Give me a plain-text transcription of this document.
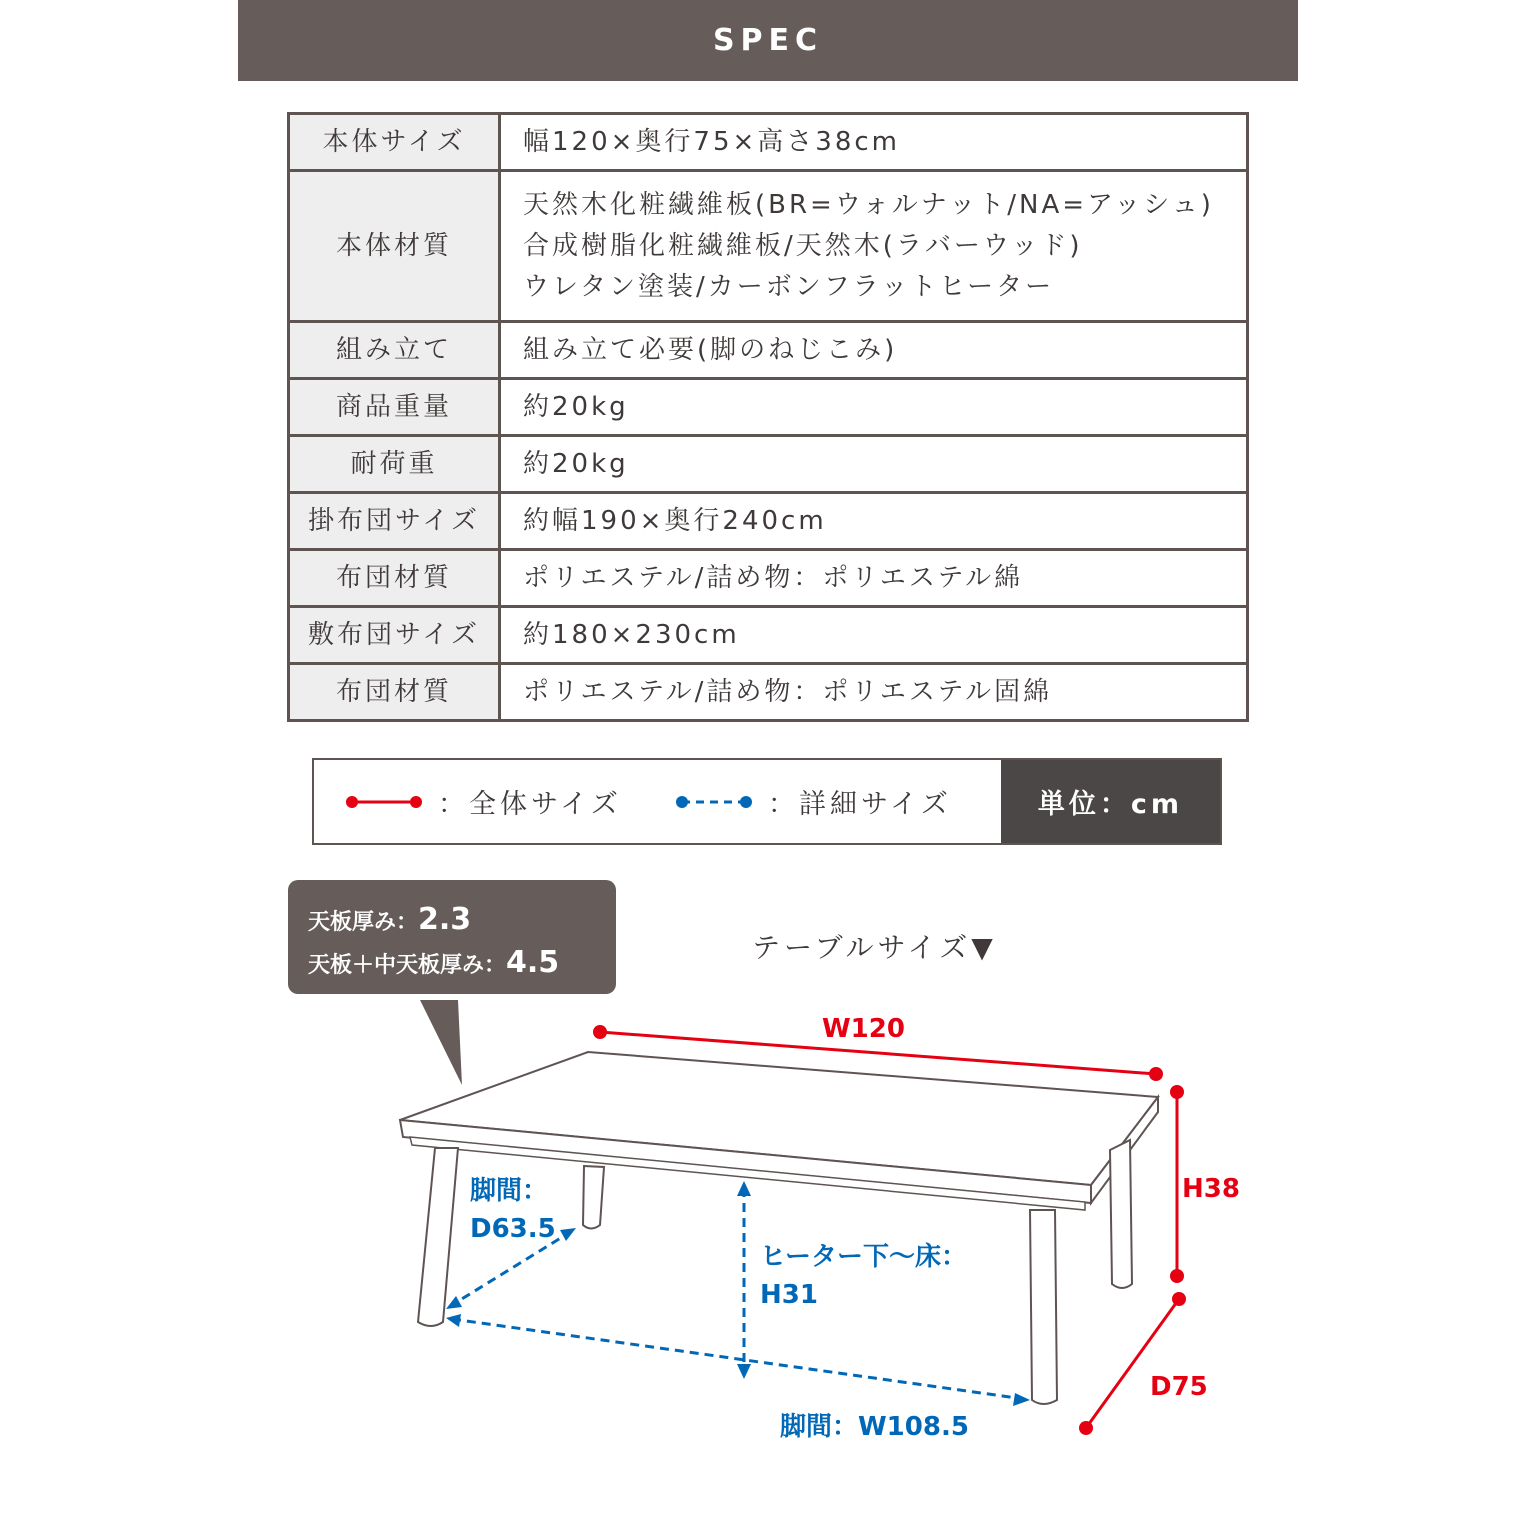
SPEC
本体サイズ	幅120×奥行75×高さ38cm
本体材質	天然木化粧繊維板(BR=ウォルナット/NA=アッシュ)
合成樹脂化粧繊維板/天然木(ラバーウッド)
ウレタン塗装/カーボンフラットヒーター

組み立て	組み立て必要(脚のねじこみ)
商品重量	約20kg
耐荷重	約20kg
掛布団サイズ	約幅190×奥行240cm
布団材質	ポリエステル/詰め物：ポリエステル綿
敷布団サイズ	約180×230cm
布団材質	ポリエステル/詰め物：ポリエステル固綿
：全体サイズ	：詳細サイズ	単位：cm
天板厚み：2.3
天板＋中天板厚み：4.5	テーブルサイズ▼
W120
H38
D75
脚間：
D63.5
ヒーター下〜床：
H31
脚間：W108.5
